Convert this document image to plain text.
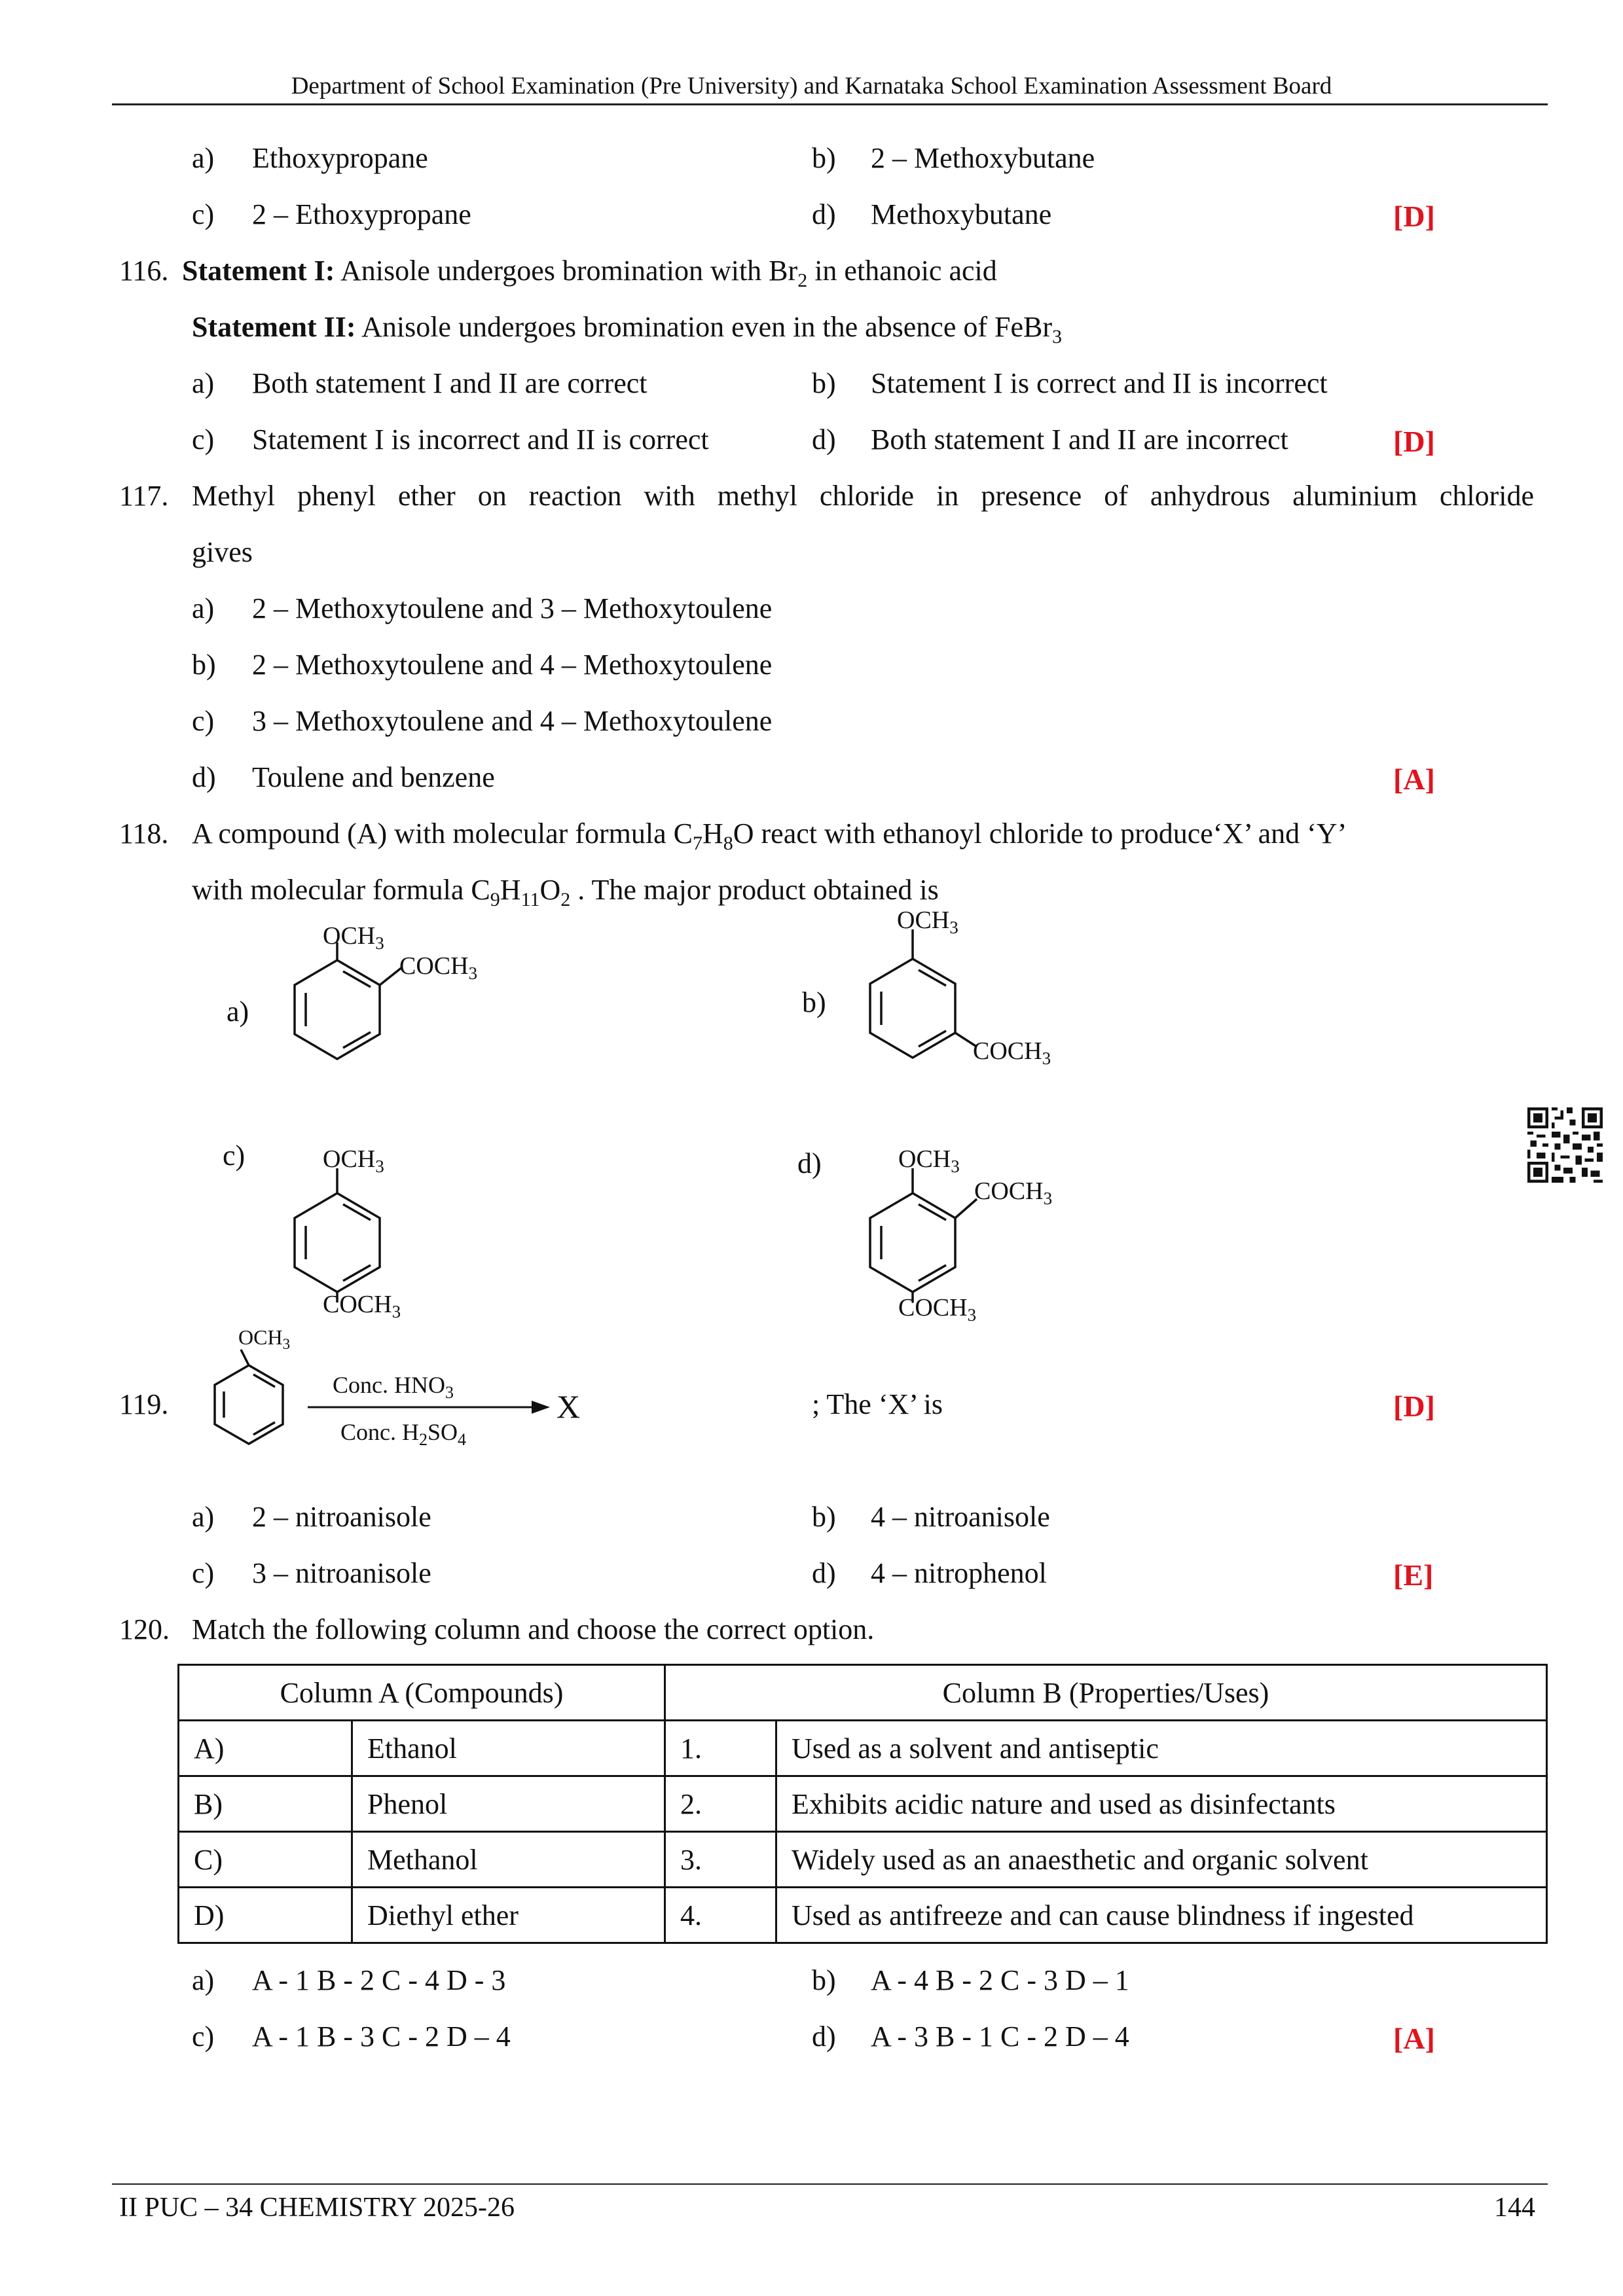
Department of School Examination (Pre University) and Karnataka School Examination Assessment Board
a) Ethoxypropane	b) 2 – Methoxybutane
c) 2 – Ethoxypropane	d) Methoxybutane	[D]
116. Statement I: Anisole undergoes bromination with $Br_2$ in ethanoic acid
Statement II: Anisole undergoes bromination even in the absence of FeBr$_3$
a) Both statement I and II are correct	b) Statement I is correct and II is incorrect
c) Statement I is incorrect and II is correct	d) Both statement I and II are incorrect	[D]
117. Methyl phenyl ether on reaction with methyl chloride in presence of anhydrous aluminium chloride
gives
a) 2 – Methoxytoulene and 3 – Methoxytoulene
b) 2 – Methoxytoulene and 4 – Methoxytoulene
c) 3 – Methoxytoulene and 4 – Methoxytoulene
d) Toulene and benzene	[A]
118. A compound (A) with molecular formula $C_7H_8O$ react with ethanoyl chloride to produce‘X’ and ‘Y’
with molecular formula $C_9H_{11}O_2$ . The major product obtained is
a)	b)
c)	d)
$OCH_3$
$COCH_3$
$OCH_3$
$COCH_3$
$OCH_3$
$COCH_3$
$OCH_3$
$COCH_3$
$COCH_3$
$OCH_3$
Conc. $HNO_3$
Conc. $H_2SO_4$
X
119.	; The ‘X’ is	[D]
a) 2 – nitroanisole	b) 4 – nitroanisole
c) 3 – nitroanisole	d) 4 – nitrophenol	[E]
120. Match the following column and choose the correct option.
Column A (Compounds)		Column B (Properties/Uses)	
A)	Ethanol	1.	Used as a solvent and antiseptic
B)	Phenol	2.	Exhibits acidic nature and used as disinfectants
C)	Methanol	3.	Widely used as an anaesthetic and organic solvent
D)	Diethyl ether	4.	Used as antifreeze and can cause blindness if ingested
a) A - 1 B - 2 C - 4 D - 3	b) A - 4 B - 2 C - 3 D – 1
c) A - 1 B - 3 C - 2 D – 4	d) A - 3 B - 1 C - 2 D – 4	[A]
II PUC – 34 CHEMISTRY 2025-26	144
